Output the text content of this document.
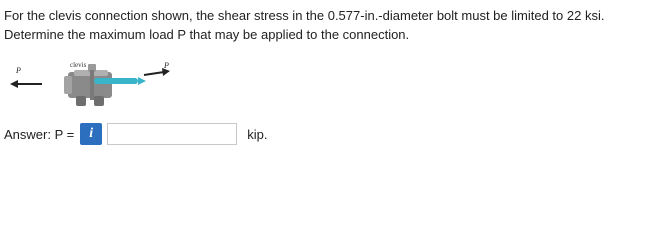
For the clevis connection shown, the shear stress in the 0.577-in.-diameter bolt must be limited to 22 ksi. Determine the maximum load P that may be applied to the connection.

P
P
clevis
Answer: P =	i	kip.
